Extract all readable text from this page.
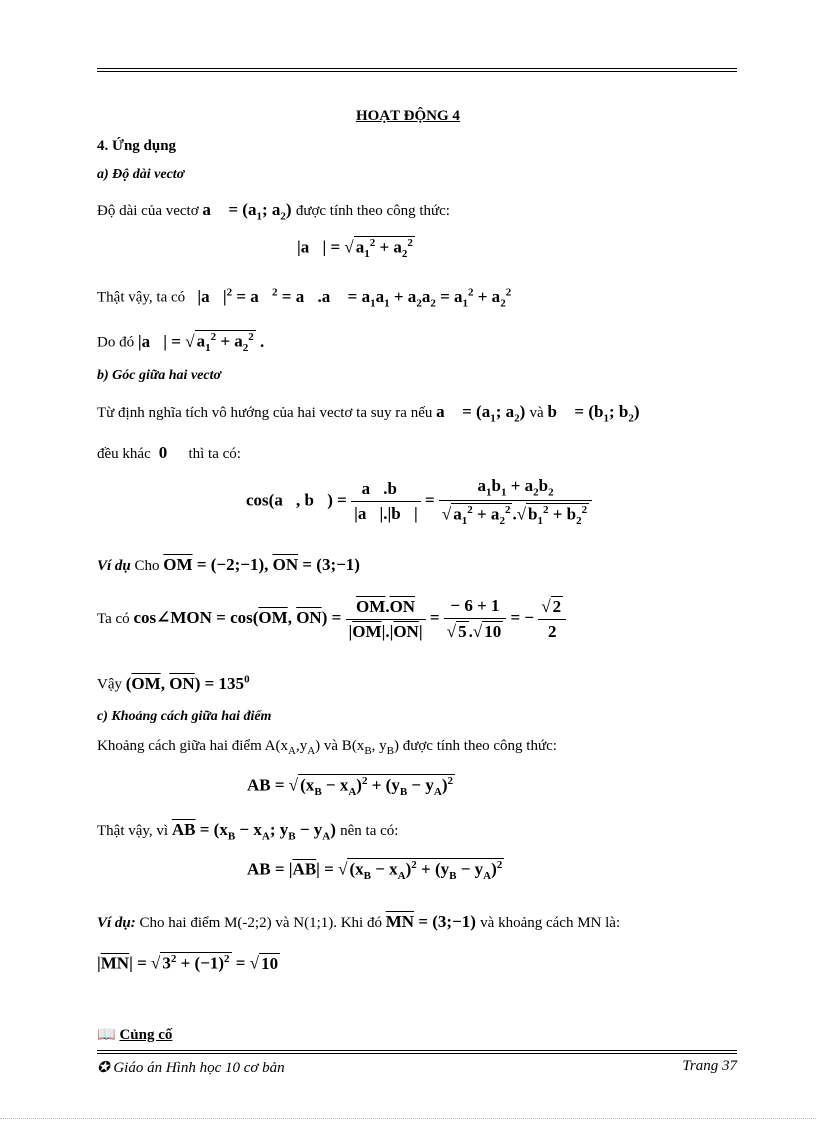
HOẠT ĐỘNG 4
4. Ứng dụng
a) Độ dài vectơ
Độ dài của vectơ a⃗ = ($a_1$; $a_2$) được tính theo công thức:
|a⃗| = √ $a_1^2 + a_2^2$
Thật vậy, ta có   $|a⃗|^2$ = a⃗$^2$ = a⃗.a⃗ = $a_1a_1 + a_2a_2 = a_1^2 + a_2^2$
Do đó |a⃗| = √ $a_1^2 + a_2^2$ .
b) Góc giữa hai vectơ
Từ định nghĩa tích vô hướng của hai vectơ ta suy ra nếu a⃗ = ($a_1$; $a_2$) và b⃗ = ($b_1$; $b_2$)
đều khác  0⃗  thì ta có:
cos(a⃗, b⃗) = $\frac{a⃗.b⃗}{|a⃗|.|b⃗|} = \frac{a_1b_1 + a_2b_2}{√ a_1^2 + a_2^2 .√ b_1^2 + b_2^2}$
Ví dụ Cho $\overline{OM}$ = (−2;−1), $\overline{ON}$ = (3;−1)
Ta có cos∠MON = $\cos(\overline{OM}$, $\overline{ON}) = \frac{\overline{OM}.\overline{ON}}{|\overline{OM}|.|\overline{ON}|} = \frac{- 6 + 1}{√ 5 .√ 10}$ = − $\frac{√ 2}{2}$
Vậy ($\overline{OM}$, $\overline{ON}) = 135^0$
c) Khoảng cách giữa hai điểm
Khoảng cách giữa hai điểm $A(x_A,y_A)$ và $B(x_B$, $y_B$) được tính theo công thức:
AB = √ $(x_B - x_A)^2 + (y_B - y_A)^2$
Thật vậy, vì $\overline{AB} = (x_B - x_A$; $y_B - y_A$) nên ta có:
AB = $|\overline{AB}|$ = √ $(x_B - x_A)^2 + (y_B - y_A)^2$
Ví dụ: Cho hai điểm M(-2;2) và N(1;1). Khi đó $\overline{MN}$ = (3;−1) và khoảng cách MN là:
$|\overline{MN}|$ = √ $3^2 + (-1)^2$ = √ 10
📖 Củng cố
✪ Giáo án Hình học 10 cơ bản	Trang 37
